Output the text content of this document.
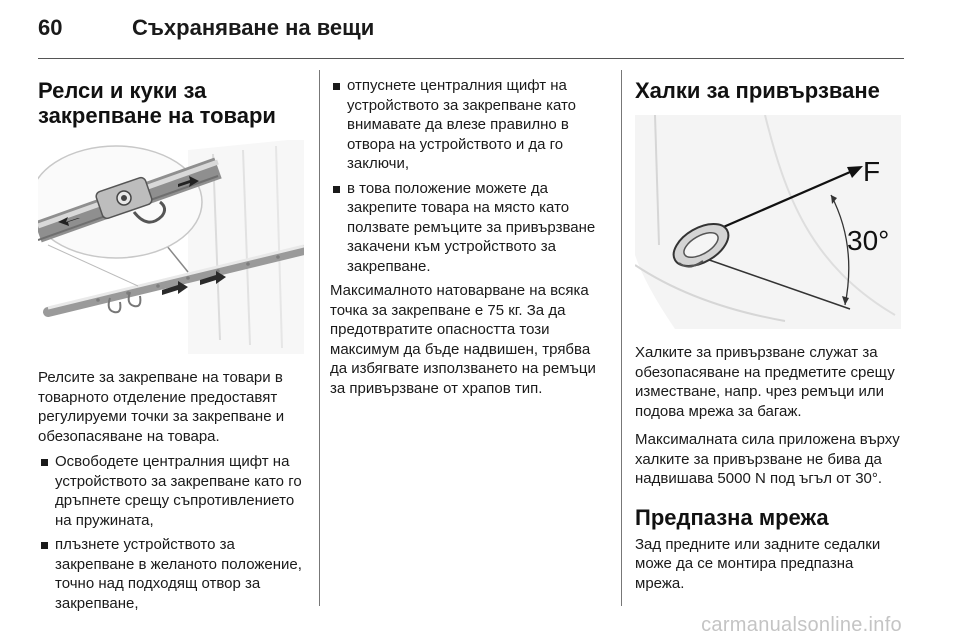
60	Съхраняване на вещи
Релси и куки за
закрепване на товари

Релсите за закрепване на товари в товарното отделение предоставят регулируеми точки за закрепване и обезопасяване на товара.

Освободете централния щифт на устройството за закрепване като го дръпнете срещу съпротивлението на пружината,
плъзнете устройството за закрепване в желаното положение, точно над подходящ отвор за закрепване,
отпуснете централния щифт на устройството за закрепване като внимавате да влезе правилно в отвора на устройството и да го заключи,
в това положение можете да закрепите товара на място като ползвате ремъците за привързване закачени към устройството за закрепване.

Максималното натоварване на всяка точка за закрепване е 75 кг. За да предотвратите опасността този максимум да бъде надвишен, трябва да избягвате използването на ремъци за привързване от храпов тип.

Халки за привързване
F
30°

Халките за привързване служат за обезопасяване на предметите срещу изместване, напр. чрез ремъци или подова мрежа за багаж.

Максималната сила приложена върху халките за привързване не бива да надвишава 5000 N под ъгъл от 30°.

Предпазна мрежа

Зад предните или задните седалки може да се монтира предпазна мрежа.

carmanualsonline.info
